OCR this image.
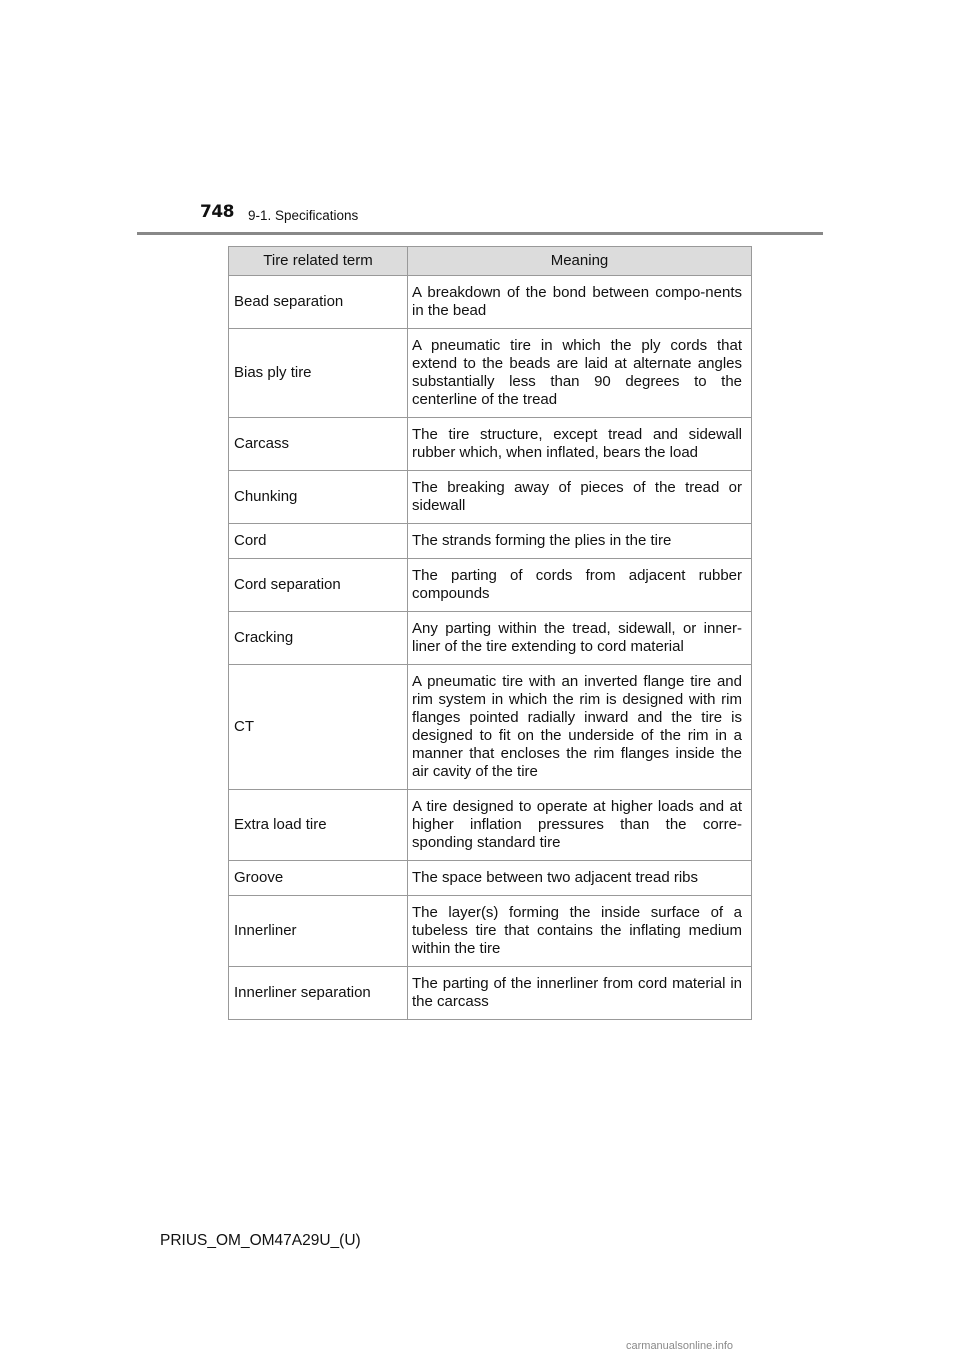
748 9-1. Specifications
Tire related term	Meaning
Bead separation	A breakdown of the bond between compo-nents in the bead
Bias ply tire	A pneumatic tire in which the ply cords that extend to the beads are laid at alternate angles substantially less than 90 degrees to the centerline of the tread
Carcass	The tire structure, except tread and sidewall rubber which, when inflated, bears the load
Chunking	The breaking away of pieces of the tread or sidewall
Cord	The strands forming the plies in the tire
Cord separation	The parting of cords from adjacent rubber compounds
Cracking	Any parting within the tread, sidewall, or inner-liner of the tire extending to cord material
CT	A pneumatic tire with an inverted flange tire and rim system in which the rim is designed with rim flanges pointed radially inward and the tire is designed to fit on the underside of the rim in a manner that encloses the rim flanges inside the air cavity of the tire
Extra load tire	A tire designed to operate at higher loads and at higher inflation pressures than the corre-sponding standard tire
Groove	The space between two adjacent tread ribs
Innerliner	The layer(s) forming the inside surface of a tubeless tire that contains the inflating medium within the tire
Innerliner separation	The parting of the innerliner from cord material in the carcass
PRIUS_OM_OM47A29U_(U)
carmanualsonline.info
